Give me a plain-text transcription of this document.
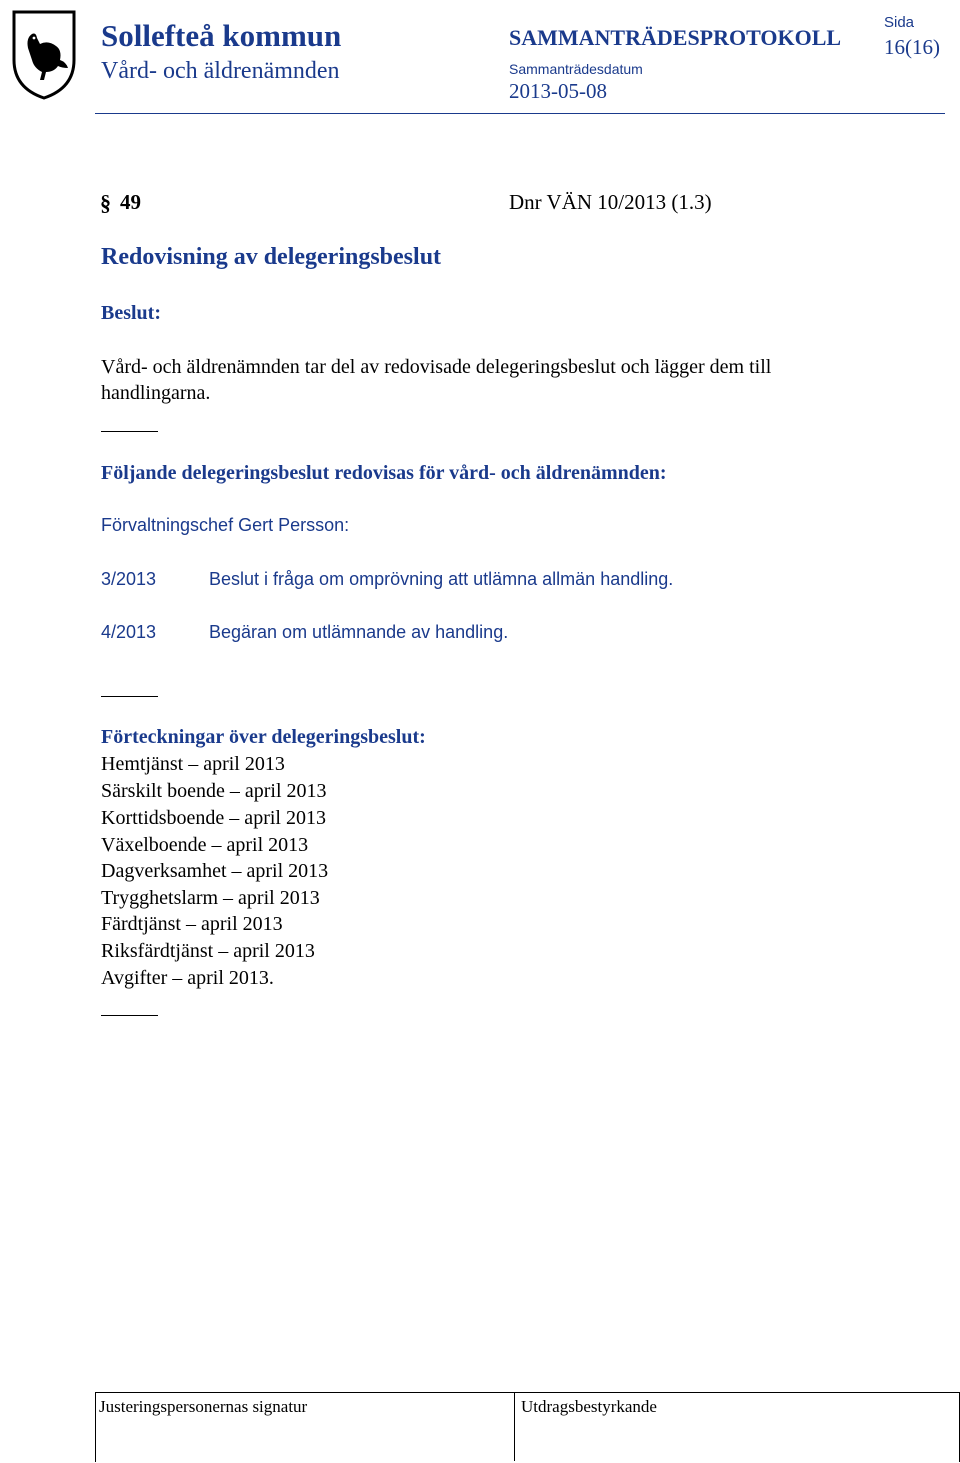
Sollefteå kommun
Vård- och äldrenämnden
SAMMANTRÄDESPROTOKOLL
Sammanträdesdatum
2013-05-08
Sida
16(16)
§ 49	Dnr VÄN 10/2013 (1.3)
Redovisning av delegeringsbeslut
Beslut:
Vård- och äldrenämnden tar del av redovisade delegeringsbeslut och lägger dem till
handlingarna.
Följande delegeringsbeslut redovisas för vård- och äldrenämnden:
Förvaltningschef Gert Persson:
3/2013	Beslut i fråga om omprövning att utlämna allmän handling.
4/2013	Begäran om utlämnande av handling.
Förteckningar över delegeringsbeslut:
Hemtjänst – april 2013
Särskilt boende – april 2013
Korttidsboende – april 2013
Växelboende – april 2013
Dagverksamhet – april 2013
Trygghetslarm – april 2013
Färdtjänst – april 2013
Riksfärdtjänst – april 2013
Avgifter – april 2013.
Justeringspersonernas signatur	Utdragsbestyrkande
